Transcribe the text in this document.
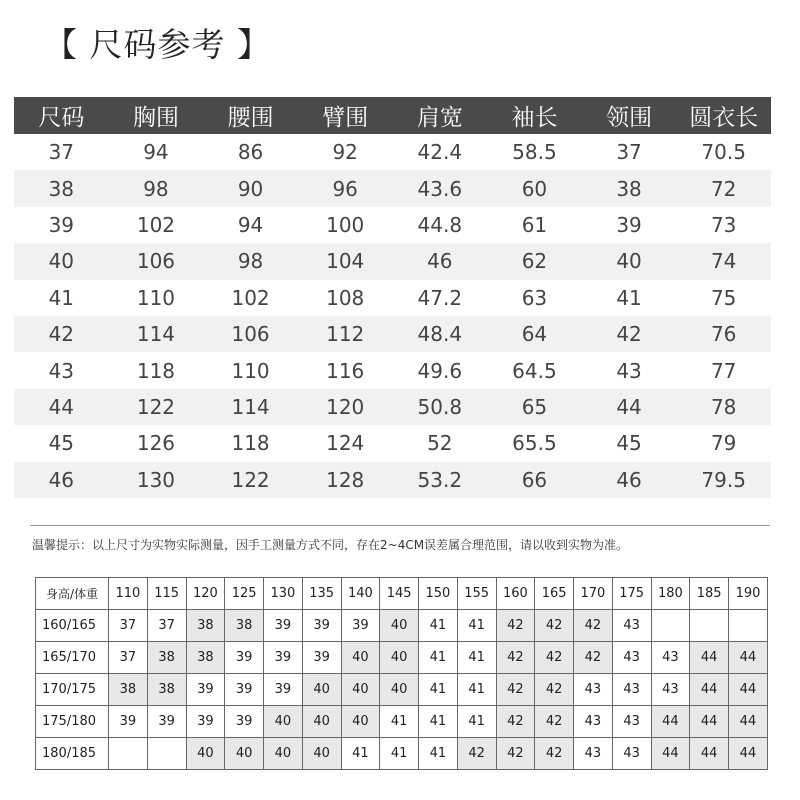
【 尺码参考 】
尺码	胸围	腰围	臂围	肩宽	袖长	领围	圆衣长
37	94	86	92	42.4	58.5	37	70.5
38	98	90	96	43.6	60	38	72
39	102	94	100	44.8	61	39	73
40	106	98	104	46	62	40	74
41	110	102	108	47.2	63	41	75
42	114	106	112	48.4	64	42	76
43	118	110	116	49.6	64.5	43	77
44	122	114	120	50.8	65	44	78
45	126	118	124	52	65.5	45	79
46	130	122	128	53.2	66	46	79.5
温馨提示：以上尺寸为实物实际测量，因手工测量方式不同，存在2~4CM误差属合理范围，请以收到实物为准。
身高/体重	110	115	120	125	130	135	140	145	150	155	160	165	170	175	180	185	190
160/165	37	37	38	38	39	39	39	40	41	41	42	42	42	43			
165/170	37	38	38	39	39	39	40	40	41	41	42	42	42	43	43	44	44
170/175	38	38	39	39	39	40	40	40	41	41	42	42	43	43	43	44	44
175/180	39	39	39	39	40	40	40	41	41	41	42	42	43	43	44	44	44
180/185			40	40	40	40	41	41	41	42	42	42	43	43	44	44	44
